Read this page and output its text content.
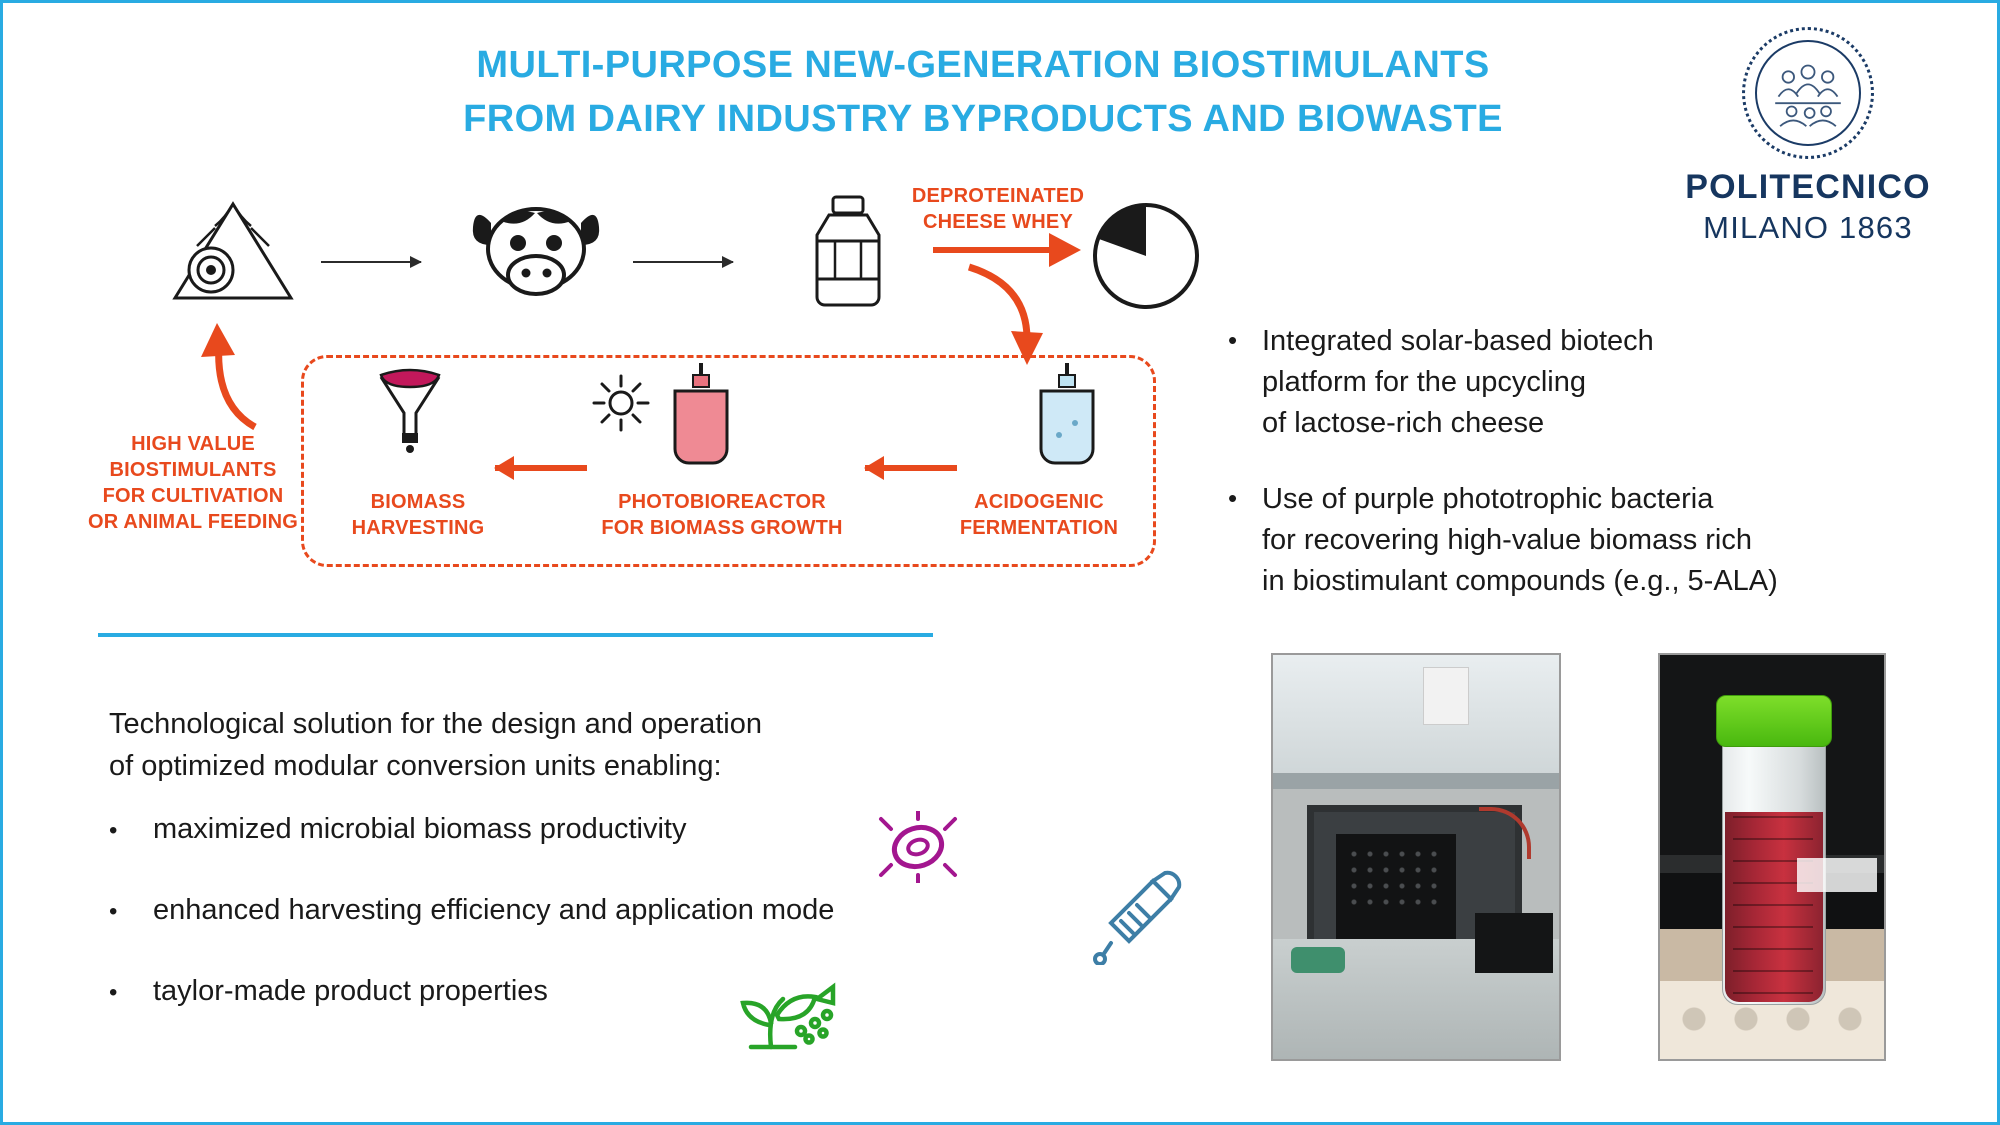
MULTI-PURPOSE NEW-GENERATION BIOSTIMULANTS
FROM DAIRY INDUSTRY BYPRODUCTS AND BIOWASTE
POLITECNICO
MILANO 1863
DEPROTEINATED
CHEESE WHEY
HIGH VALUE
BIOSTIMULANTS
FOR CULTIVATION
OR ANIMAL FEEDING
BIOMASS
HARVESTING
PHOTOBIOREACTOR
FOR BIOMASS GROWTH
ACIDOGENIC
FERMENTATION
• Integrated solar-based biotech
platform for the upcycling
of lactose-rich cheese
• Use of purple phototrophic bacteria
for recovering high-value biomass rich
in biostimulant compounds (e.g., 5-ALA)
Technological solution for the design and operation
of optimized modular conversion units enabling:
•	maximized microbial biomass productivity
•	enhanced harvesting efficiency and application mode
•	taylor-made product properties
